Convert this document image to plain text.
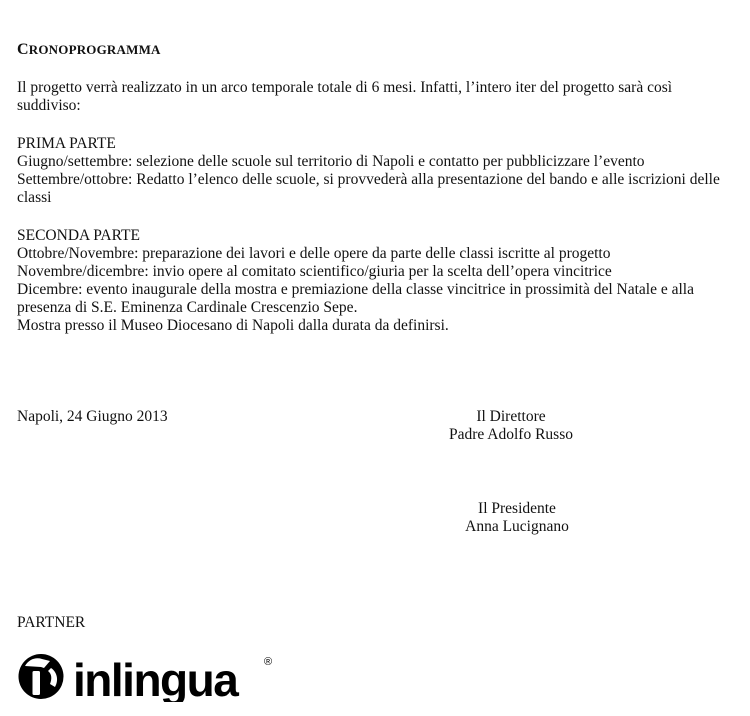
CRONOPROGRAMMA

Il progetto verrà realizzato in un arco temporale totale di 6 mesi. Infatti, l’intero iter del progetto sarà così suddiviso:

PRIMA PARTE
Giugno/settembre: selezione delle scuole sul territorio di Napoli e contatto per pubblicizzare l’evento
Settembre/ottobre: Redatto l’elenco delle scuole, si provvederà alla presentazione del bando e alle iscrizioni delle classi
SECONDA PARTE
Ottobre/Novembre: preparazione dei lavori e delle opere da parte delle classi iscritte al progetto
Novembre/dicembre: invio opere al comitato scientifico/giuria per la scelta dell’opera vincitrice
Dicembre: evento inaugurale della mostra e premiazione della classe vincitrice in prossimità del Natale e alla presenza di S.E. Eminenza Cardinale Crescenzio Sepe.
Mostra presso il Museo Diocesano di Napoli dalla durata da definirsi.
Napoli, 24 Giugno 2013	Il Direttore
Padre Adolfo Russo
Il Presidente
Anna Lucignano
PARTNER
inlingua ®
